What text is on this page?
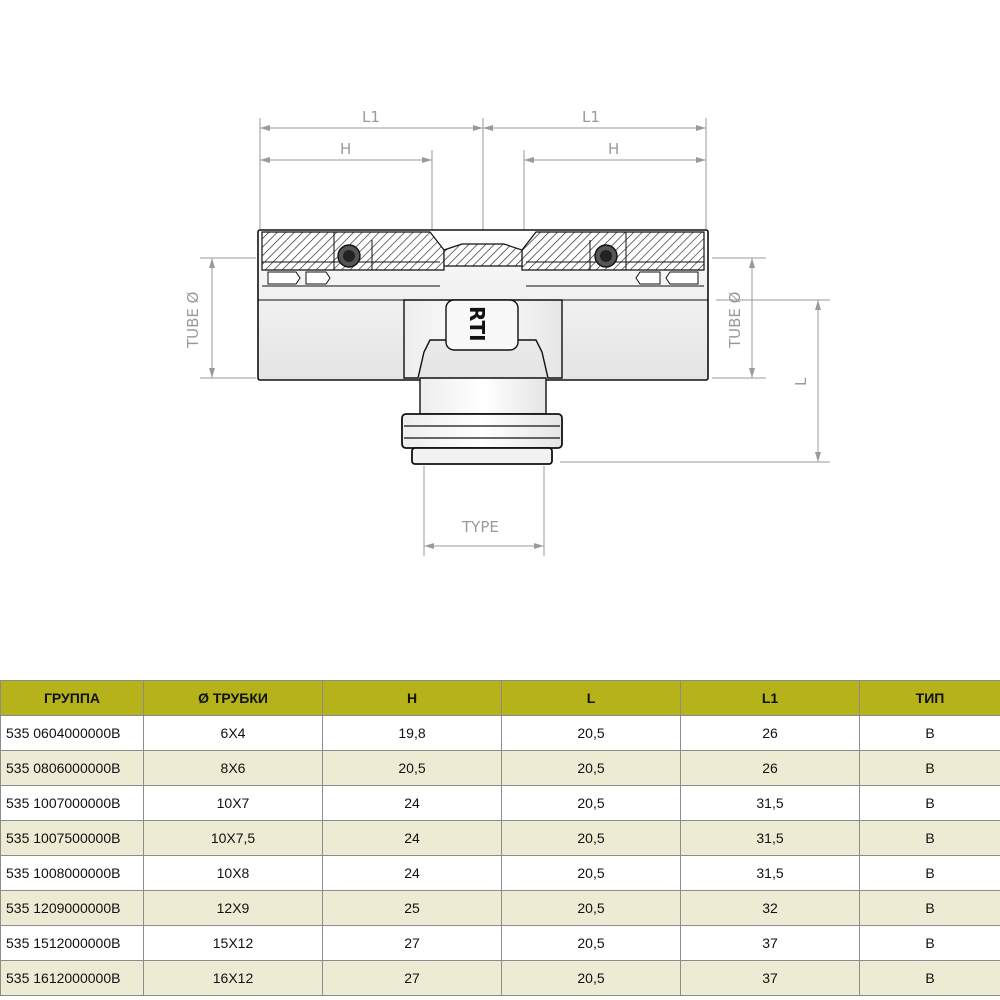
L1	L1
H	H
TUBE Ø	TUBE Ø
L
TYPE
RTI
ГРУППА	Ø ТРУБКИ	H	L	L1	ТИП
535 0604000000B	6X4	19,8	20,5	26	B
535 0806000000B	8X6	20,5	20,5	26	B
535 1007000000B	10X7	24	20,5	31,5	B
535 1007500000B	10X7,5	24	20,5	31,5	B
535 1008000000B	10X8	24	20,5	31,5	B
535 1209000000B	12X9	25	20,5	32	B
535 1512000000B	15X12	27	20,5	37	B
535 1612000000B	16X12	27	20,5	37	B
